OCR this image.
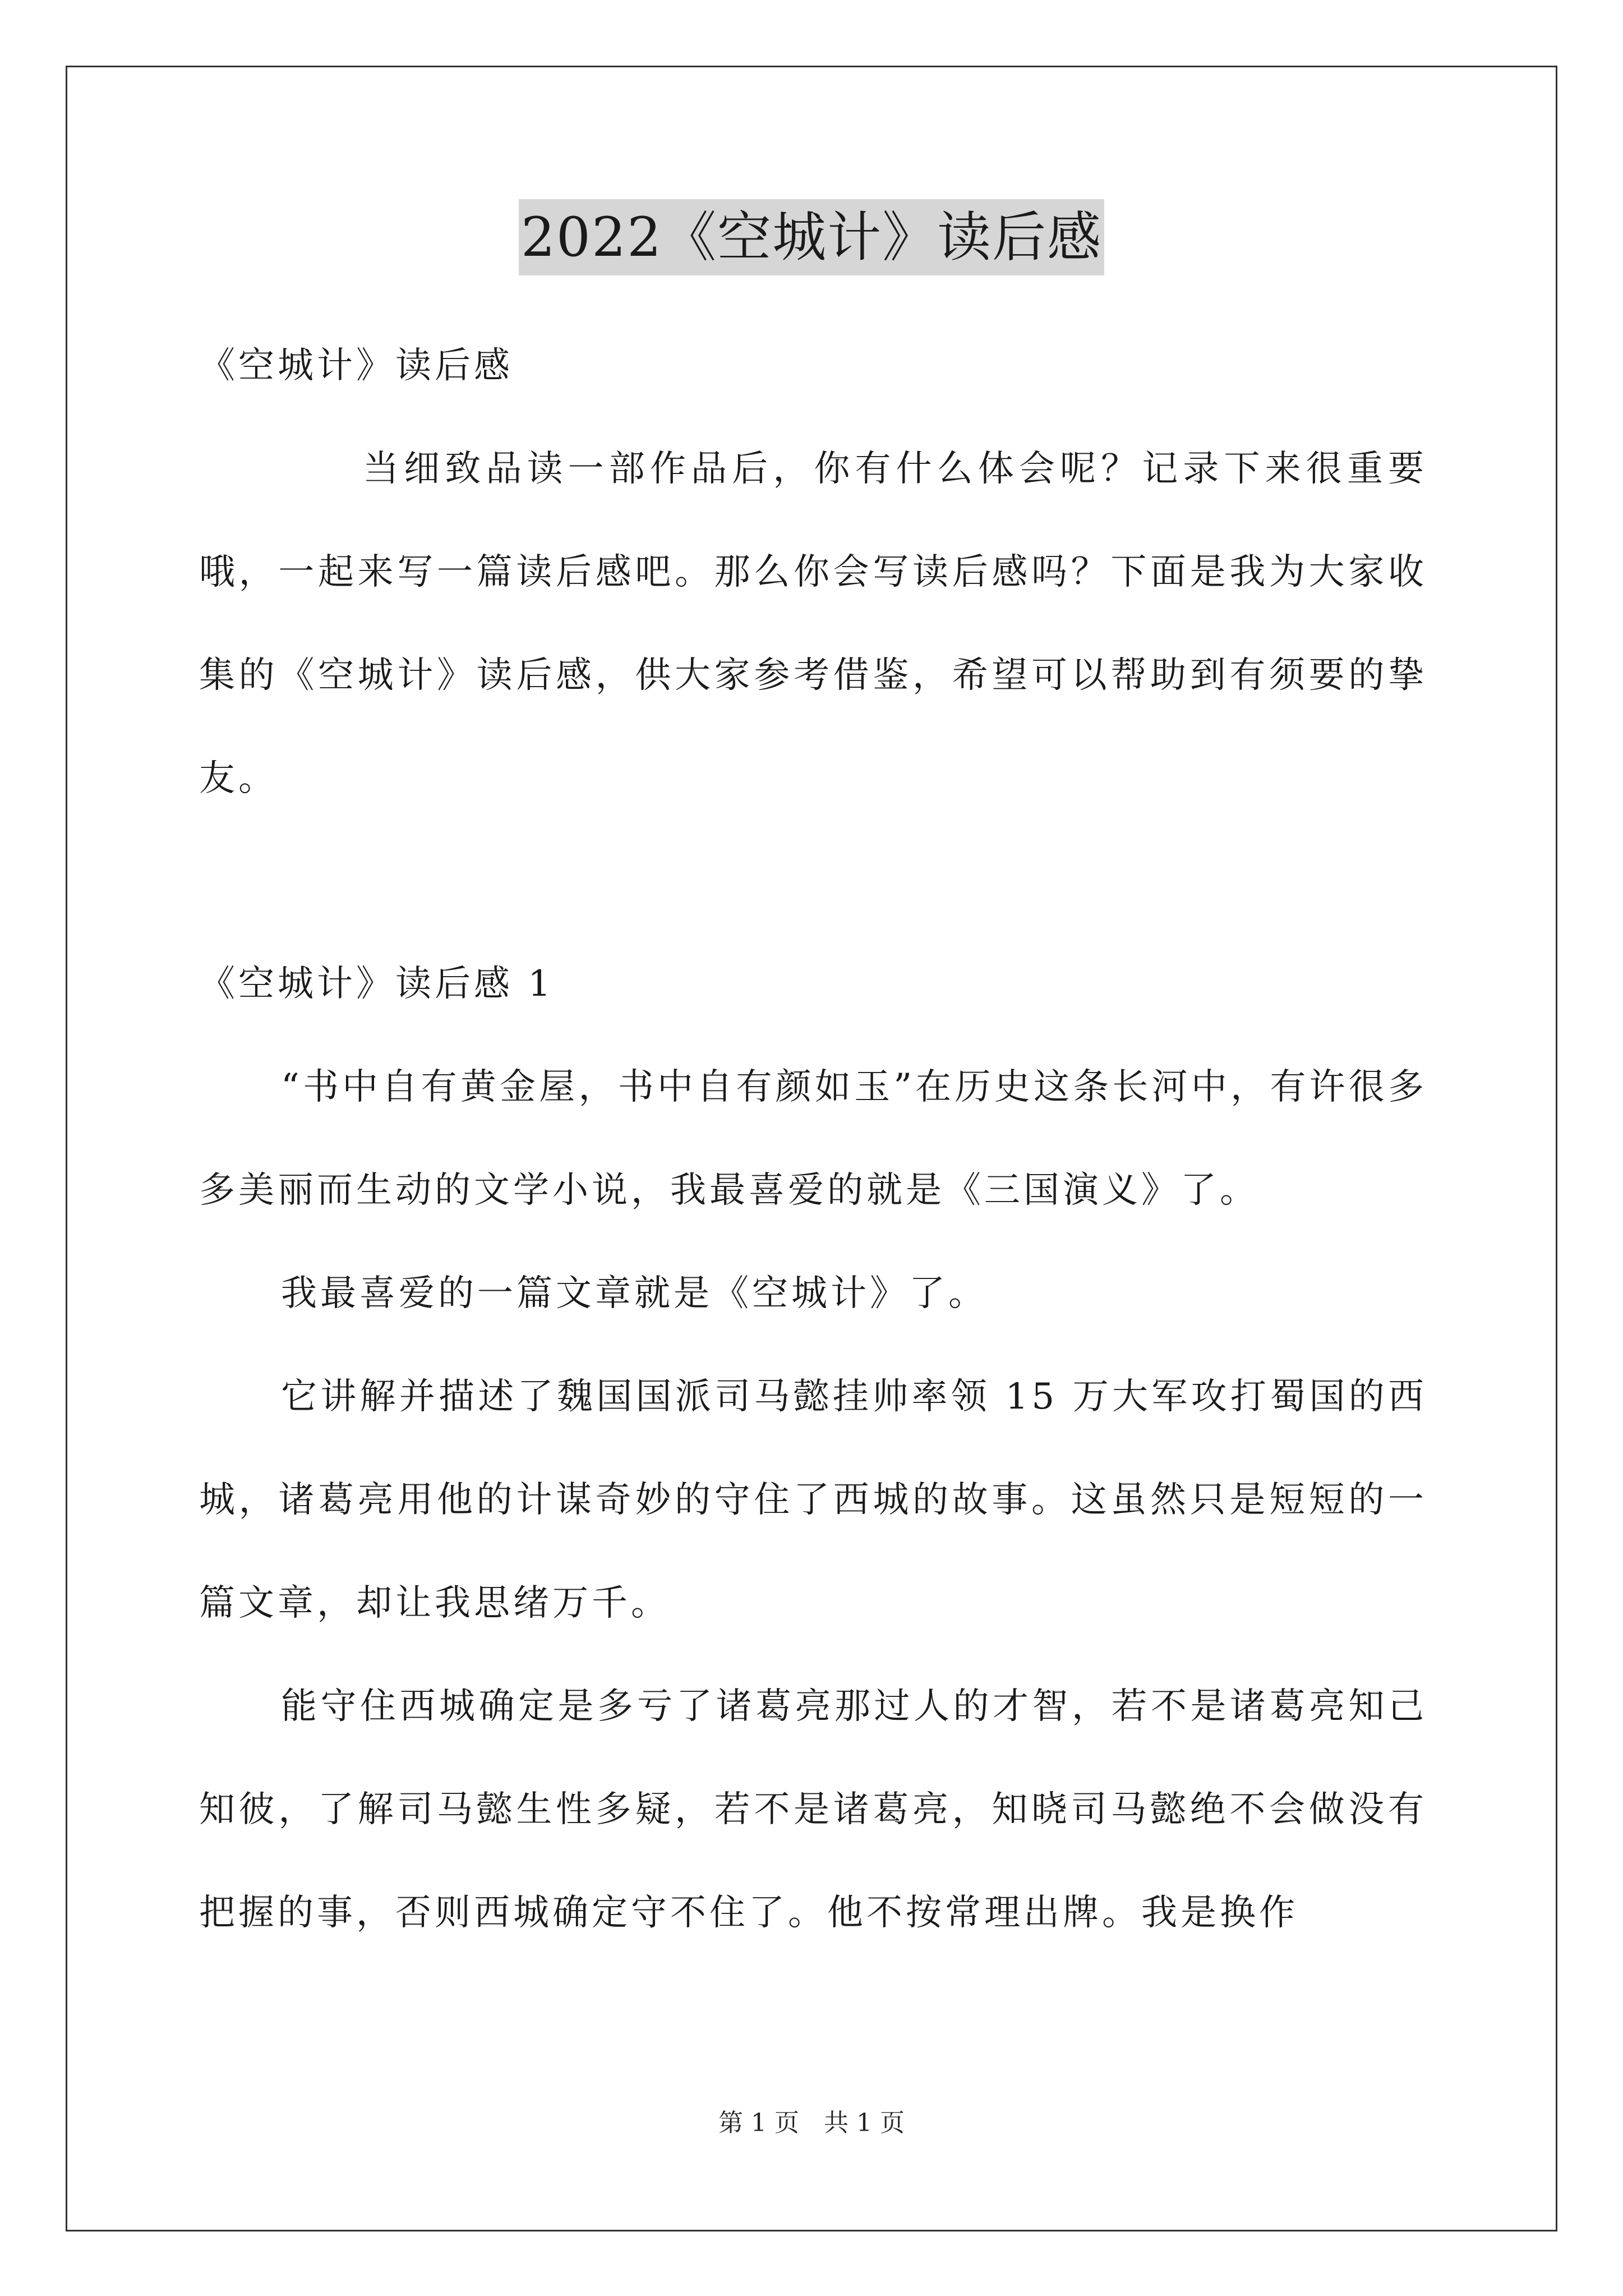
2022《空城计》读后感

《空城计》读后感

当细致品读一部作品后，你有什么体会呢？记录下来很重要哦，一起来写一篇读后感吧。那么你会写读后感吗？下面是我为大家收集的《空城计》读后感，供大家参考借鉴，希望可以帮助到有须要的挚友。

《空城计》读后感 1

“书中自有黄金屋，书中自有颜如玉”在历史这条长河中，有许很多多美丽而生动的文学小说，我最喜爱的就是《三国演义》了。

我最喜爱的一篇文章就是《空城计》了。

它讲解并描述了魏国国派司马懿挂帅率领 15 万大军攻打蜀国的西城，诸葛亮用他的计谋奇妙的守住了西城的故事。这虽然只是短短的一篇文章，却让我思绪万千。

能守住西城确定是多亏了诸葛亮那过人的才智，若不是诸葛亮知己知彼，了解司马懿生性多疑，若不是诸葛亮，知晓司马懿绝不会做没有把握的事，否则西城确定守不住了。他不按常理出牌。我是换作

第 1 页　共 1 页
